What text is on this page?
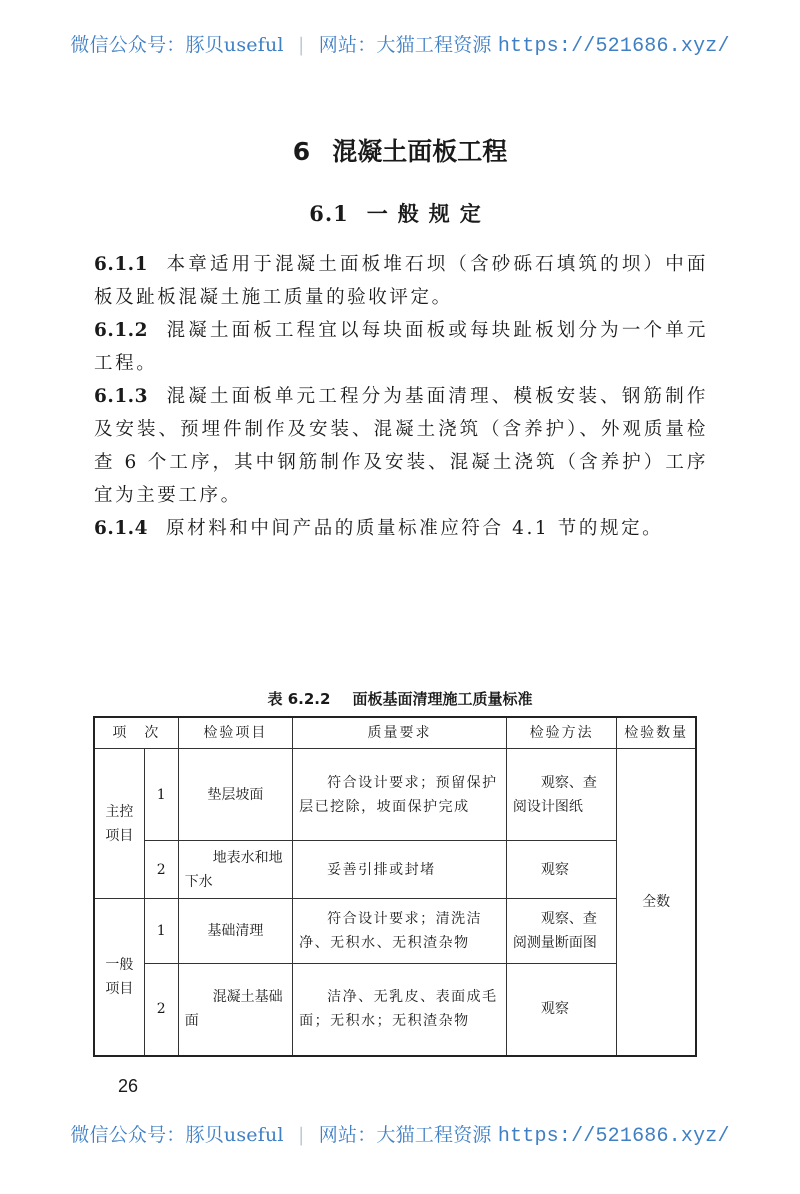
微信公众号：豚贝useful | 网站：大猫工程资源 https://521686.xyz/
6 混凝土面板工程
6.1 一般规定

6.1.1 本章适用于混凝土面板堆石坝（含砂砾石填筑的坝）中面板及趾板混凝土施工质量的验收评定。

6.1.2 混凝土面板工程宜以每块面板或每块趾板划分为一个单元工程。

6.1.3 混凝土面板单元工程分为基面清理、模板安装、钢筋制作及安装、预埋件制作及安装、混凝土浇筑（含养护）、外观质量检查 6 个工序，其中钢筋制作及安装、混凝土浇筑（含养护）工序宜为主要工序。

6.1.4 原材料和中间产品的质量标准应符合 4.1 节的规定。

表 6.2.2 面板基面清理施工质量标准
项　次		检验项目	质量要求	检验方法	检验数量
主控项目	1	垫层坡面	符合设计要求；预留保护层已挖除，坡面保护完成	观察、查阅设计图纸	全数
	2	地表水和地下水	妥善引排或封堵	观察	
一般项目	1	基础清理	符合设计要求；清洗洁净、无积水、无积渣杂物	观察、查阅测量断面图	
	2	混凝土基础面	洁净、无乳皮、表面成毛面；无积水；无积渣杂物	观察	
26
微信公众号：豚贝useful | 网站：大猫工程资源 https://521686.xyz/
